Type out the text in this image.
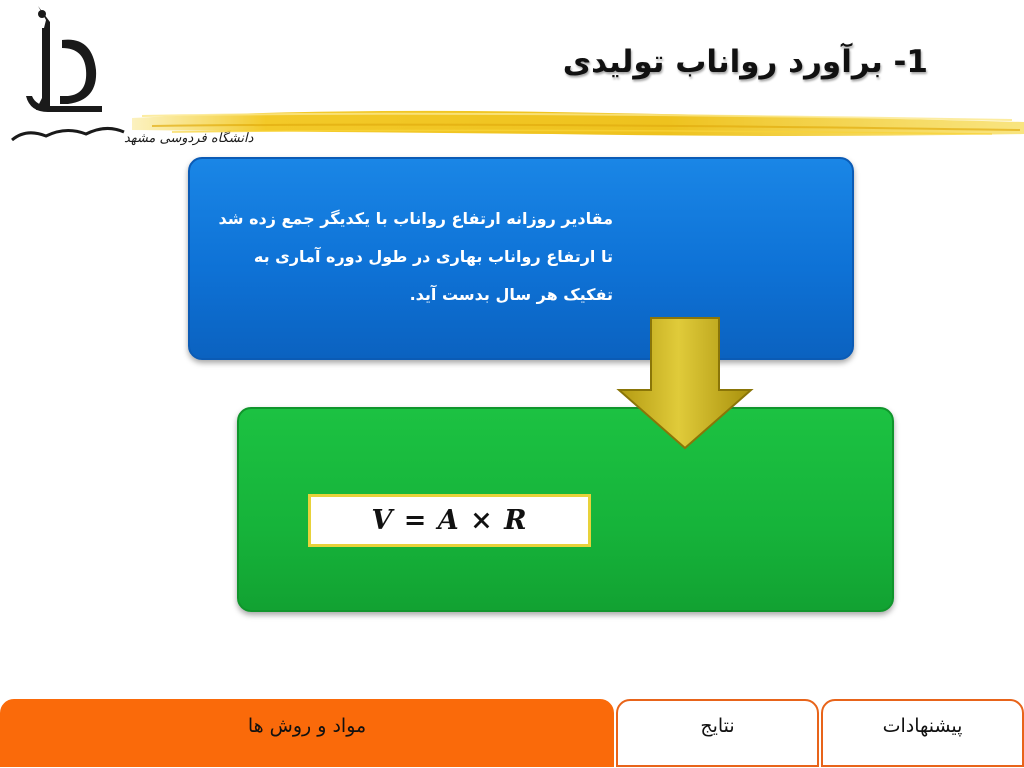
دانشگاه فردوسی مشهد
1- برآورد رواناب تولیدی
مقادیر روزانه ارتفاع رواناب با یکدیگر جمع زده شد تا ارتفاع رواناب بهاری در طول دوره آماری به تفکیک هر سال بدست آید.
V = A × R
مواد و روش ها	نتایج	پیشنهادات
